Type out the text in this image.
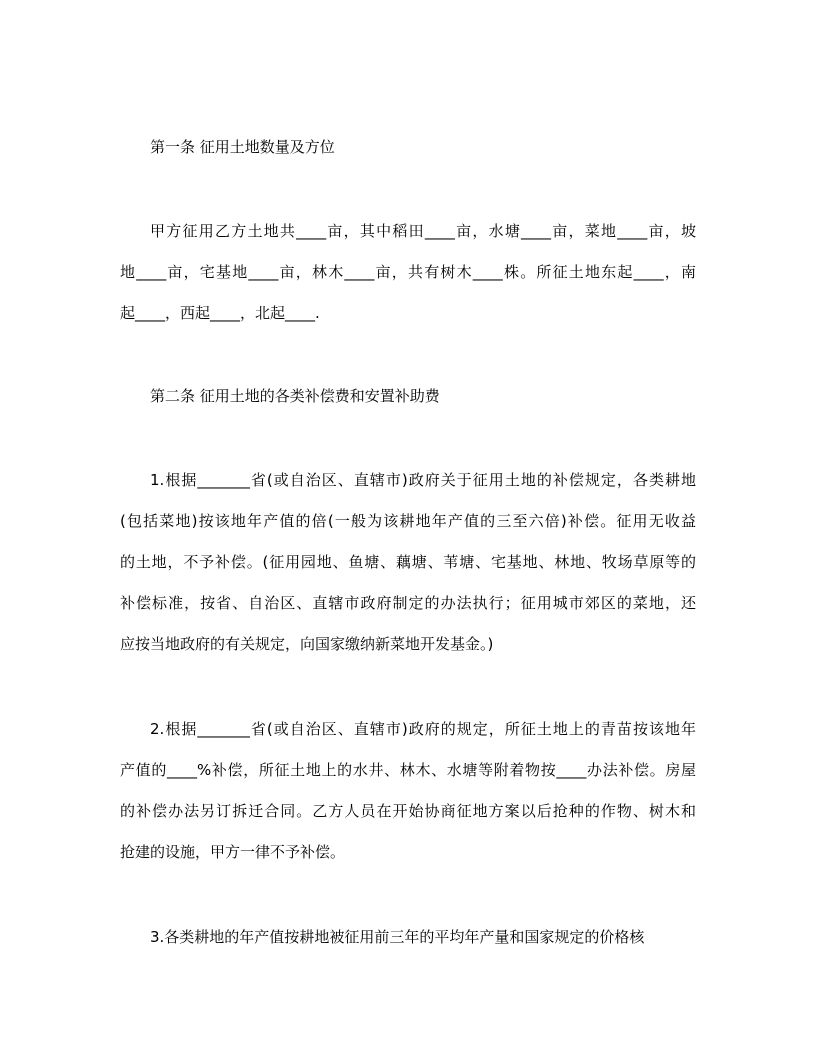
第一条 征用土地数量及方位
甲方征用乙方土地共____亩，其中稻田____亩，水塘____亩，菜地____亩，坡
地____亩，宅基地____亩，林木____亩，共有树木____株。所征土地东起____，南
起____，西起____，北起____.
第二条 征用土地的各类补偿费和安置补助费
1.根据_______省(或自治区、直辖市)政府关于征用土地的补偿规定，各类耕地
(包括菜地)按该地年产值的倍(一般为该耕地年产值的三至六倍)补偿。征用无收益
的土地，不予补偿。(征用园地、鱼塘、藕塘、苇塘、宅基地、林地、牧场草原等的
补偿标准，按省、自治区、直辖市政府制定的办法执行；征用城市郊区的菜地，还
应按当地政府的有关规定，向国家缴纳新菜地开发基金。)
2.根据_______省(或自治区、直辖市)政府的规定，所征土地上的青苗按该地年
产值的____%补偿，所征土地上的水井、林木、水塘等附着物按____办法补偿。房屋
的补偿办法另订拆迁合同。乙方人员在开始协商征地方案以后抢种的作物、树木和
抢建的设施，甲方一律不予补偿。
3.各类耕地的年产值按耕地被征用前三年的平均年产量和国家规定的价格核
